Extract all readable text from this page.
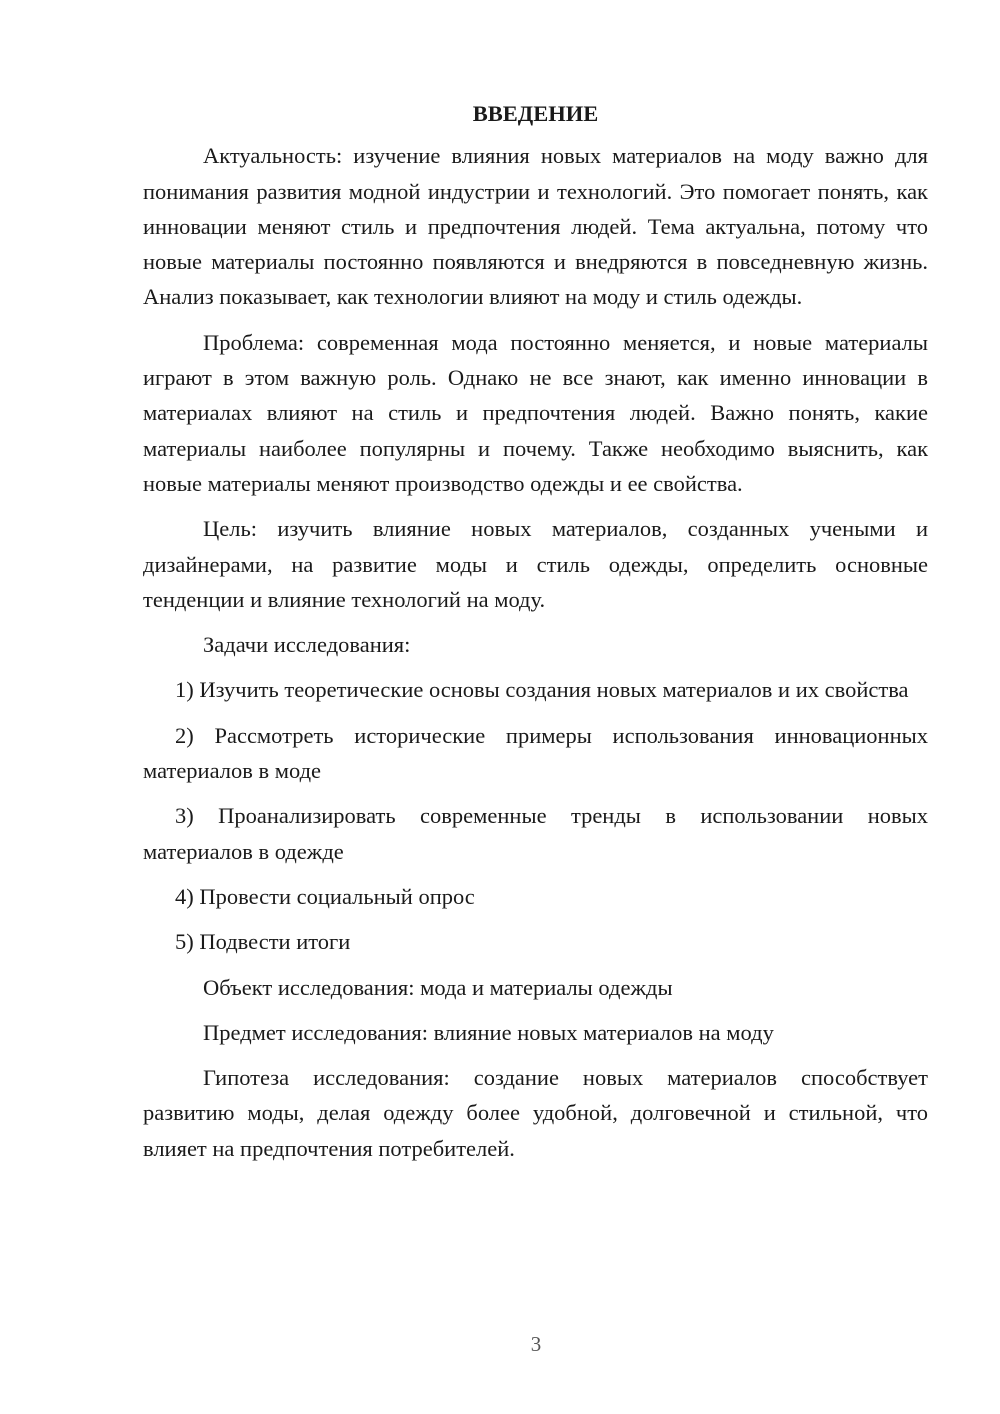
ВВЕДЕНИЕ

Актуальность: изучение влияния новых материалов на моду важно для понимания развития модной индустрии и технологий. Это помогает понять, как инновации меняют стиль и предпочтения людей. Тема актуальна, потому что новые материалы постоянно появляются и внедряются в повседневную жизнь. Анализ показывает, как технологии влияют на моду и стиль одежды.

Проблема: современная мода постоянно меняется, и новые материалы играют в этом важную роль. Однако не все знают, как именно инновации в материалах влияют на стиль и предпочтения людей. Важно понять, какие материалы наиболее популярны и почему. Также необходимо выяснить, как новые материалы меняют производство одежды и ее свойства.

Цель: изучить влияние новых материалов, созданных учеными и дизайнерами, на развитие моды и стиль одежды, определить основные тенденции и влияние технологий на моду.

Задачи исследования:

1) Изучить теоретические основы создания новых материалов и их свойства

2) Рассмотреть исторические примеры использования инновационных материалов в моде

3) Проанализировать современные тренды в использовании новых материалов в одежде

4) Провести социальный опрос

5) Подвести итоги

Объект исследования: мода и материалы одежды

Предмет исследования: влияние новых материалов на моду

Гипотеза исследования: создание новых материалов способствует развитию моды, делая одежду более удобной, долговечной и стильной, что влияет на предпочтения потребителей.

3
